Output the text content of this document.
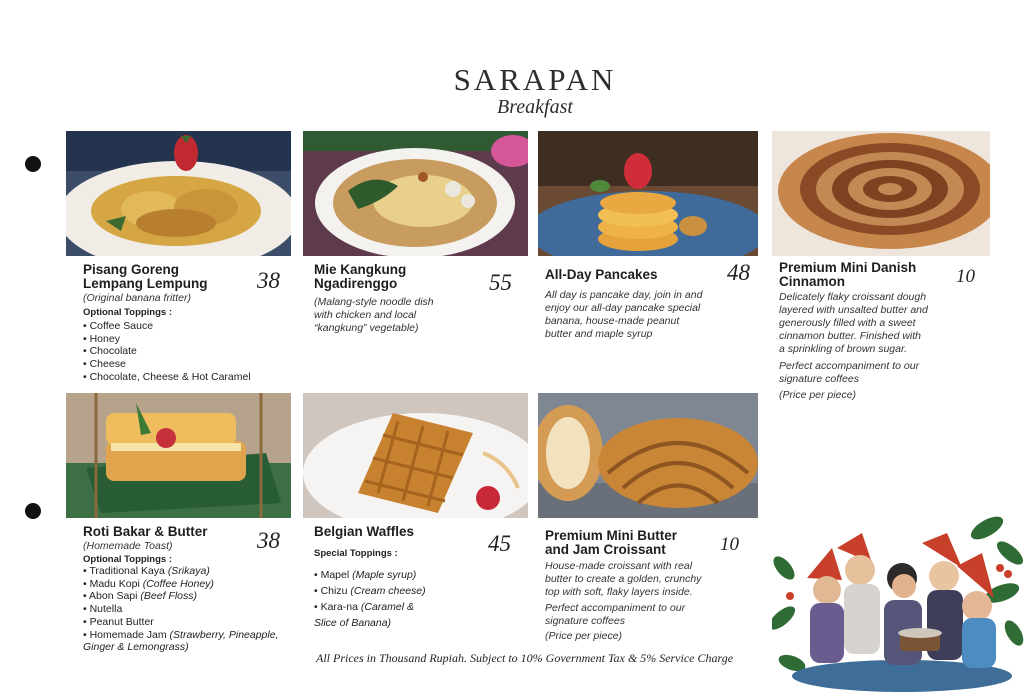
SARAPAN
Breakfast
Pisang Goreng
Lempang Lempung 38
(Original banana fritter)
Optional Toppings :
• Coffee Sauce
• Honey
• Chocolate
• Cheese
• Chocolate, Cheese & Hot Caramel
Mie Kangkung
Ngadirenggo	55
(Malang-style noodle dish
with chicken and local
“kangkung” vegetable)
All-Day Pancakes	48
All day is pancake day, join in and
enjoy our all-day pancake special
banana, house-made peanut
butter and maple syrup
Premium Mini Danish
Cinnamon	10
Delicately flaky croissant dough
layered with unsalted butter and
generously filled with a sweet
cinnamon butter. Finished with
a sprinkling of brown sugar.
Perfect accompaniment to our
signature coffees
(Price per piece)
Roti Bakar & Butter 38
(Homemade Toast)
Optional Toppings :
• Traditional Kaya (Srikaya)
• Madu Kopi (Coffee Honey)
• Abon Sapi (Beef Floss)
• Nutella
• Peanut Butter
• Homemade Jam (Strawberry, Pineapple,
Ginger & Lemongrass)
Belgian Waffles	45
Special Toppings :
• Mapel (Maple syrup)
• Chizu (Cream cheese)
• Kara-na (Caramel &
Slice of Banana)
Premium Mini Butter
and Jam Croissant	10
House-made croissant with real
butter to create a golden, crunchy
top with soft, flaky layers inside.
Perfect accompaniment to our
signature coffees
(Price per piece)
All Prices in Thousand Rupiah. Subject to 10% Government Tax & 5% Service Charge
